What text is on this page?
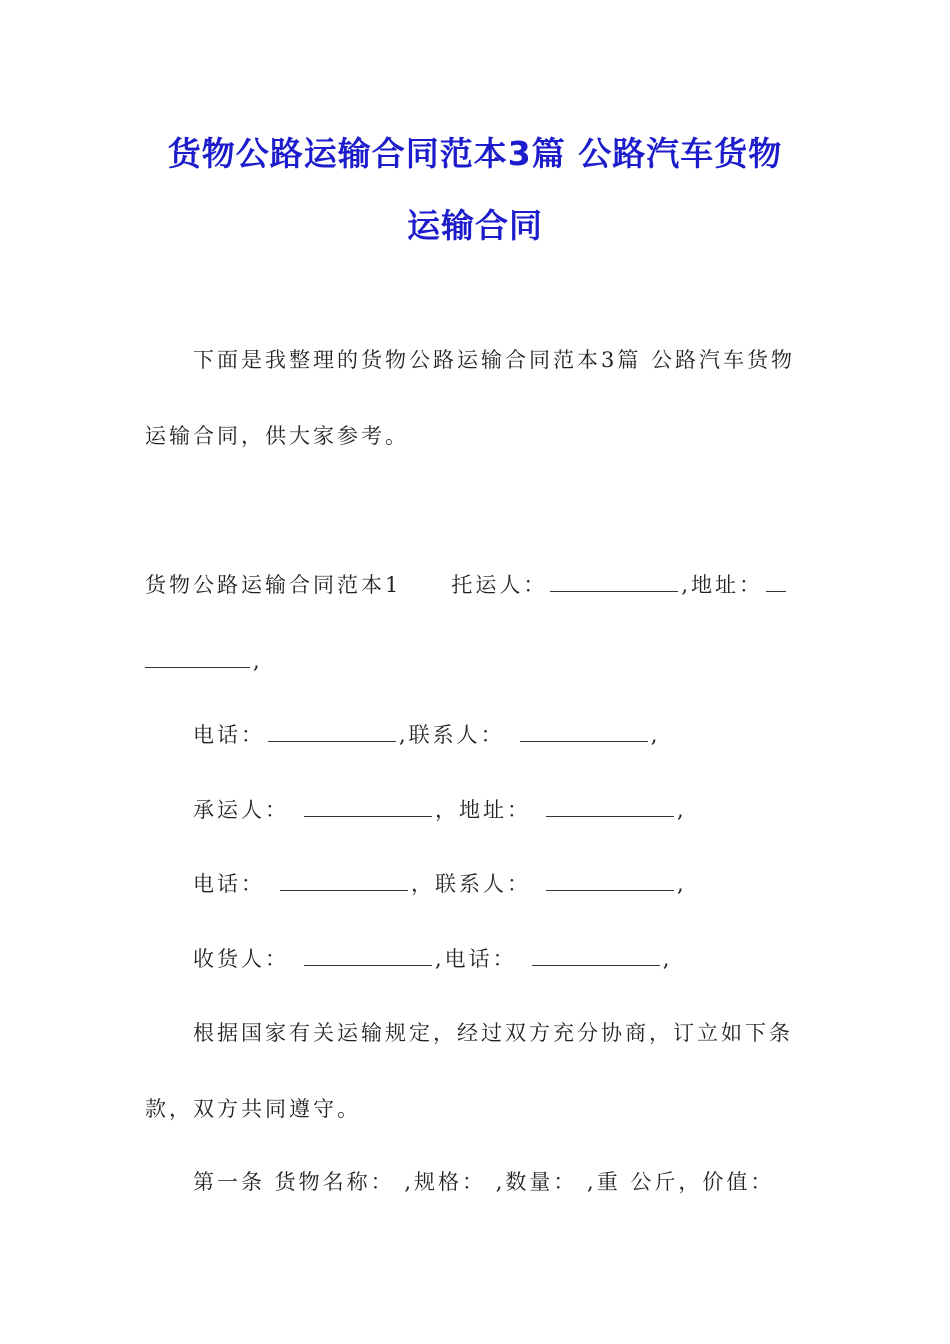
货物公路运输合同范本3篇 公路汽车货物
运输合同
下面是我整理的货物公路运输合同范本3篇 公路汽车货物
运输合同，供大家参考。
货物公路运输合同范本1 托运人：	,地址：
,
电话：	,联系人：	,
承运人：	，地址：	,
电话：	，联系人：	,
收货人：	,电话：	,
根据国家有关运输规定，经过双方充分协商，订立如下条
款，双方共同遵守。
第一条 货物名称： ,规格： ,数量： ,重 公斤，价值：
